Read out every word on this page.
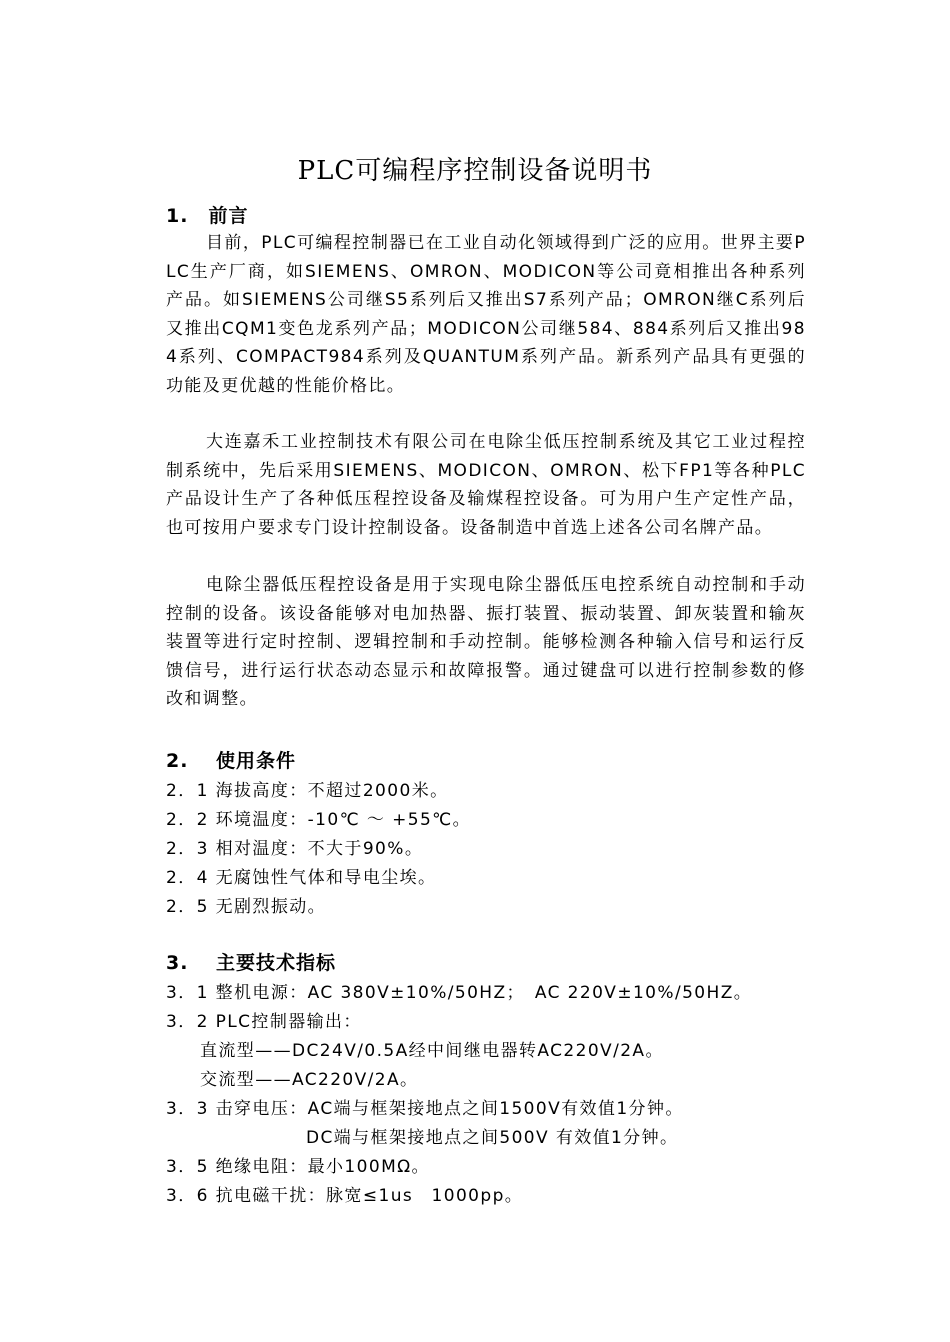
PLC可编程序控制设备说明书
1.　前言
目前，PLC可编程控制器已在工业自动化领域得到广泛的应用。世界主要PLC生产厂商，如SIEMENS、OMRON、MODICON等公司竟相推出各种系列产品。如SIEMENS公司继S5系列后又推出S7系列产品；OMRON继C系列后又推出CQM1变色龙系列产品；MODICON公司继584、884系列后又推出984系列、COMPACT984系列及QUANTUM系列产品。新系列产品具有更强的功能及更优越的性能价格比。
大连嘉禾工业控制技术有限公司在电除尘低压控制系统及其它工业过程控制系统中，先后采用SIEMENS、MODICON、OMRON、松下FP1等各种PLC产品设计生产了各种低压程控设备及输煤程控设备。可为用户生产定性产品，也可按用户要求专门设计控制设备。设备制造中首选上述各公司名牌产品。
电除尘器低压程控设备是用于实现电除尘器低压电控系统自动控制和手动控制的设备。该设备能够对电加热器、振打装置、振动装置、卸灰装置和输灰装置等进行定时控制、逻辑控制和手动控制。能够检测各种输入信号和运行反馈信号，进行运行状态动态显示和故障报警。通过键盘可以进行控制参数的修改和调整。
2. 使用条件
2．1 海拔高度：不超过2000米。
2．2 环境温度：-10℃ ～ +55℃。
2．3 相对温度：不大于90%。
2．4 无腐蚀性气体和导电尘埃。
2．5 无剧烈振动。
3. 主要技术指标
3．1 整机电源：AC 380V±10%/50HZ；　AC 220V±10%/50HZ。
3．2 PLC控制器输出：
直流型——DC24V/0.5A经中间继电器转AC220V/2A。
交流型——AC220V/2A。
3．3 击穿电压：AC端与框架接地点之间1500V有效值1分钟。
DC端与框架接地点之间500V 有效值1分钟。
3．5 绝缘电阻：最小100MΩ。
3．6 抗电磁干扰：脉宽≤1us　1000pp。
